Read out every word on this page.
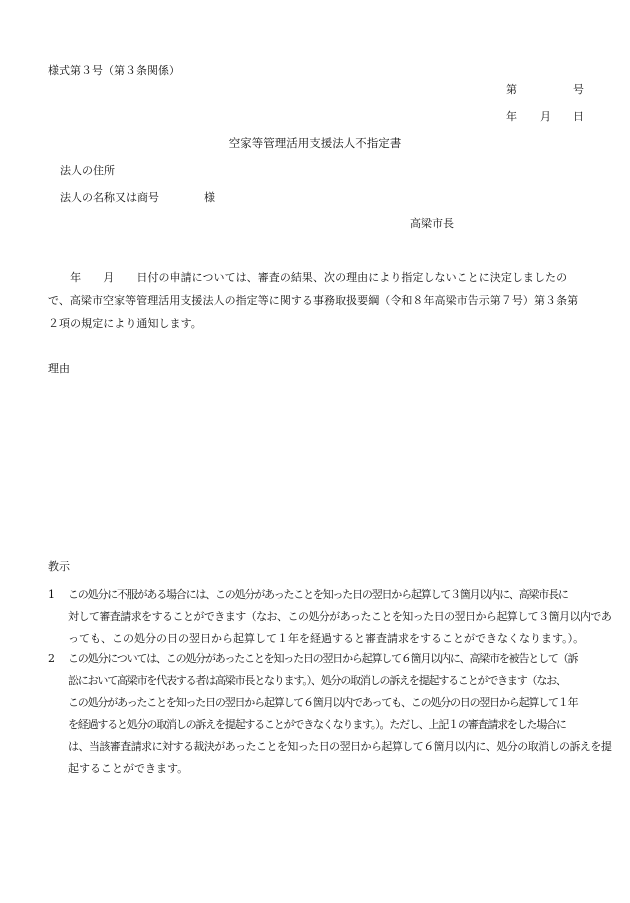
様式第３号（第３条関係）
第	号
年 月 日
空家等管理活用支援法人不指定書
法人の住所
法人の名称又は商号	様
高梁市長
　　年　　月　　日付の申請については、審査の結果、次の理由により指定しないことに決定しましたの
で、高梁市空家等管理活用支援法人の指定等に関する事務取扱要綱（令和８年高梁市告示第７号）第３条第
２項の規定により通知します。
理由
教示
1	この処分に不服がある場合には、この処分があったことを知った日の翌日から起算して３箇月以内に、高梁市長に
対して審査請求をすることができます（なお、この処分があったことを知った日の翌日から起算して３箇月以内であ
っても、この処分の日の翌日から起算して１年を経過すると審査請求をすることができなくなります。）。
2	この処分については、この処分があったことを知った日の翌日から起算して６箇月以内に、高梁市を被告として（訴
訟において高梁市を代表する者は高梁市長となります。）、処分の取消しの訴えを提起することができます（なお、
この処分があったことを知った日の翌日から起算して６箇月以内であっても、この処分の日の翌日から起算して１年
を経過すると処分の取消しの訴えを提起することができなくなります。）。ただし、上記１の審査請求をした場合に
は、当該審査請求に対する裁決があったことを知った日の翌日から起算して６箇月以内に、処分の取消しの訴えを提
起することができます。
